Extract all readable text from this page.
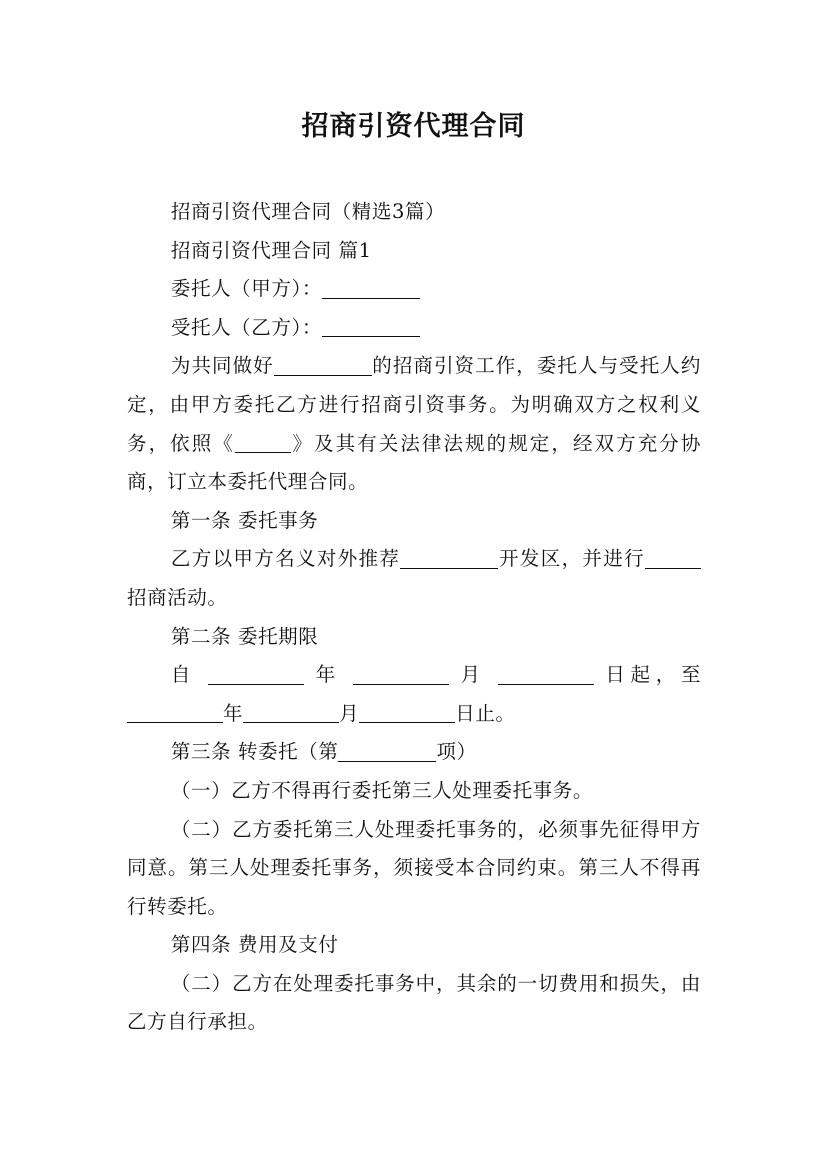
招商引资代理合同

招商引资代理合同（精选3篇）

招商引资代理合同 篇1

委托人（甲方）：

受托人（乙方）：

为共同做好	的招商引资工作，委托人与受托人约定，由甲方委托乙方进行招商引资事务。为明确双方之权利义务，依照《	》及其有关法律法规的规定，经双方充分协商，订立本委托代理合同。

第一条 委托事务

乙方以甲方名义对外推荐	开发区，并进行招商活动。

第二条 委托期限

自	年	月	日起，至年	月	日止。

第三条 转委托（第	项）

（一）乙方不得再行委托第三人处理委托事务。

（二）乙方委托第三人处理委托事务的，必须事先征得甲方同意。第三人处理委托事务，须接受本合同约束。第三人不得再行转委托。

第四条 费用及支付

（二）乙方在处理委托事务中，其余的一切费用和损失，由乙方自行承担。
